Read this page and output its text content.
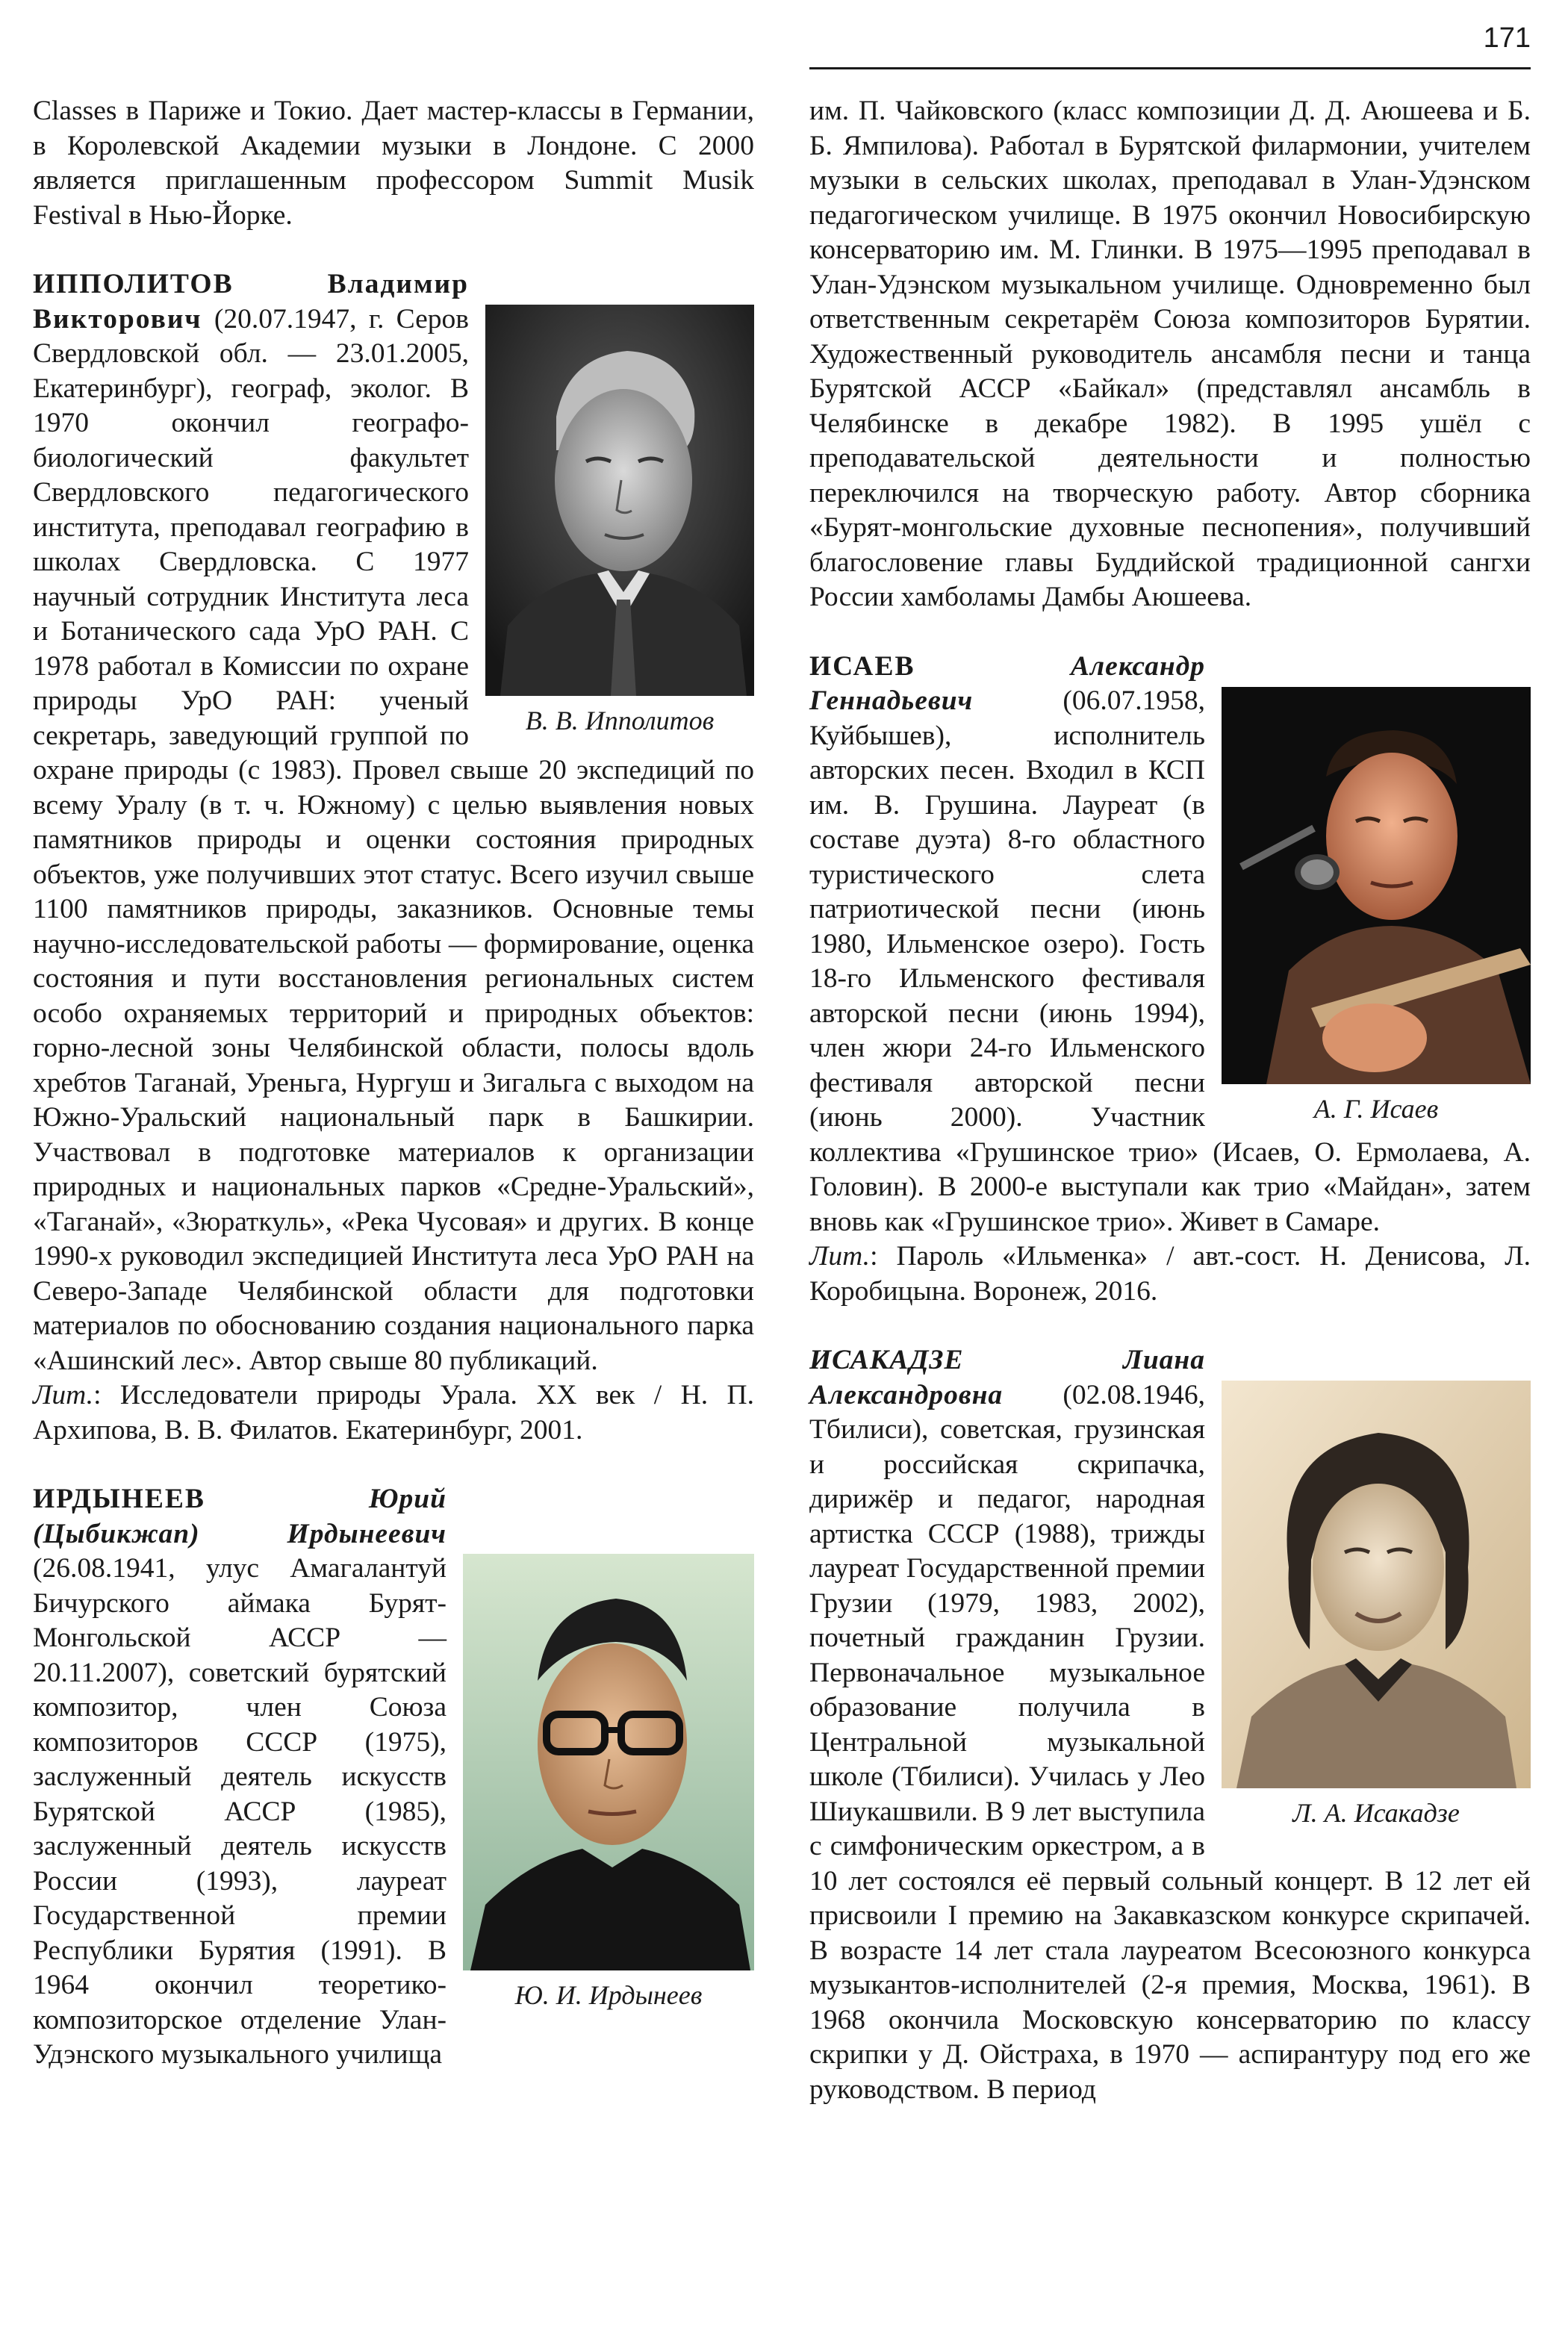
171

Classes в Париже и Токио. Дает мастер-классы в Германии, в Королевской Академии музыки в Лондоне. С 2000 является приглашенным профессором Summit Musik Festival в Нью-Йорке.

В. В. Ипполитов

ИППОЛИТОВ	Владимир Викторович (20.07.1947, г. Серов Свердловской обл. — 23.01.2005, Екатеринбург), географ, эколог. В 1970 окончил географо-биологический факультет Свердловского педагогического института, преподавал географию в школах Свердловска. С 1977 научный сотрудник Института леса и Ботанического сада УрО РАН. С 1978 работал в Комиссии по охране природы УрО РАН: ученый секретарь, заведующий группой по охране природы (с 1983). Провел свыше 20 экспедиций по всему Уралу (в т. ч. Южному) с целью выявления новых памятников природы и оценки состояния природных объектов, уже получивших этот статус. Всего изучил свыше 1100 памятников природы, заказников. Основные темы научно-исследовательской работы — формирование, оценка состояния и пути восстановления региональных систем особо охраняемых территорий и природных объектов: горно-лесной зоны Челябинской области, полосы вдоль хребтов Таганай, Уреньга, Нургуш и Зигальга с выходом на Южно-Уральский национальный парк в Башкирии. Участвовал в подготовке материалов к организации природных и национальных парков «Средне-Уральский», «Таганай», «Зюраткуль», «Река Чусовая» и других. В конце 1990-х руководил экспедицией Института леса УрО РАН на Северо-Западе Челябинской области для подготовки материалов по обоснованию создания национального парка «Ашинский лес». Автор свыше 80 публикаций.

Лит.: Исследователи природы Урала. XX век / Н. П. Архипова, В. В. Филатов. Екатеринбург, 2001.

Ю. И. Ирдынеев

ИРДЫНЕЕВ	Юрий (Цыбикжап) Ирдынеевич (26.08.1941, улус Амагалантуй Бичурского аймака Бурят-Монгольской АССР — 20.11.2007), советский бурятский композитор, член Союза композиторов СССР (1975), заслуженный деятель искусств Бурятской АССР (1985), заслуженный деятель искусств России (1993), лауреат Государственной премии Республики Бурятия (1991). В 1964 окончил теоретико-композиторское отделение Улан-Удэнского музыкального училища

им. П. Чайковского (класс композиции Д. Д. Аюшеева и Б. Б. Ямпилова). Работал в Бурятской филармонии, учителем музыки в сельских школах, преподавал в Улан-Удэнском педагогическом училище. В 1975 окончил Новосибирскую консерваторию им. М. Глинки. В 1975—1995 преподавал в Улан-Удэнском музыкальном училище. Одновременно был ответственным секретарём Союза композиторов Бурятии. Художественный руководитель ансамбля песни и танца Бурятской АССР «Байкал» (представлял ансамбль в Челябинске в декабре 1982). В 1995 ушёл с преподавательской деятельности и полностью переключился на творческую работу. Автор сборника «Бурят-монгольские духовные песнопения», получивший благословение главы Буддийской традиционной сангхи России хамболамы Дамбы Аюшеева.

А. Г. Исаев

ИСАЕВ	Александр Геннадьевич	(06.07.1958, Куйбышев), исполнитель авторских песен. Входил в КСП им. В. Грушина. Лауреат (в составе дуэта) 8-го областного туристического слета патриотической песни (июнь 1980, Ильменское озеро). Гость 18-го Ильменского фестиваля авторской песни (июнь 1994), член жюри 24-го Ильменского фестиваля авторской песни (июнь 2000). Участник коллектива «Грушинское трио» (Исаев, О. Ермолаева, А. Головин). В 2000-е выступали как трио «Майдан», затем вновь как «Грушинское трио». Живет в Самаре.

Лит.: Пароль «Ильменка» / авт.-сост. Н. Денисова, Л. Коробицына. Воронеж, 2016.

Л. А. Исакадзе

ИСАКАДЗЕ Лиана Александровна (02.08.1946, Тбилиси), советская, грузинская и российская скрипачка, дирижёр и педагог, народная артистка СССР (1988), трижды лауреат Государственной премии Грузии (1979, 1983, 2002), почетный гражданин Грузии. Первоначальное музыкальное образование получила в Центральной музыкальной школе (Тбилиси). Училась у Лео Шиукашвили. В 9 лет выступила с симфоническим оркестром, а в 10 лет состоялся её первый сольный концерт. В 12 лет ей присвоили I премию на Закавказском конкурсе скрипачей. В возрасте 14 лет стала лауреатом Всесоюзного конкурса музыкантов-исполнителей (2-я премия, Москва, 1961). В 1968 окончила Московскую консерваторию по классу скрипки у Д. Ойстраха, в 1970 — аспирантуру под его же руководством. В период
